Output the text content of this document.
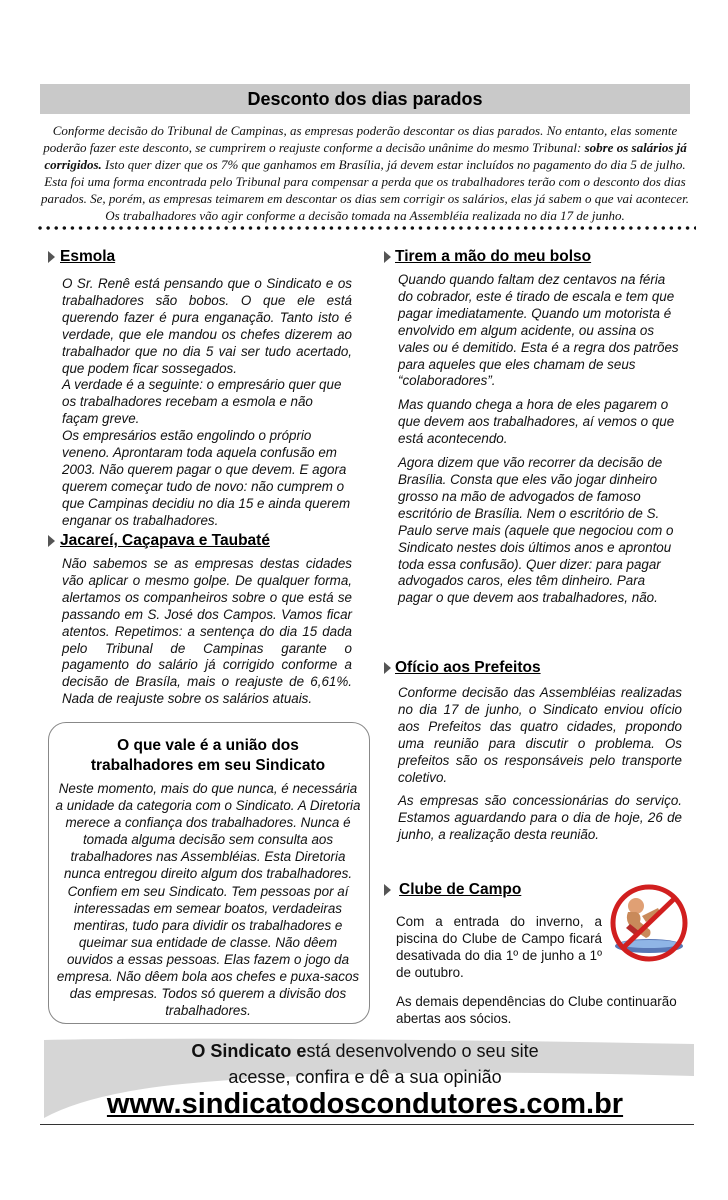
Desconto dos dias parados
Conforme decisão do Tribunal de Campinas, as empresas poderão descontar os dias parados. No entanto, elas somente poderão fazer este desconto, se cumprirem o reajuste conforme a decisão unânime do mesmo Tribunal: sobre os salários já corrigidos. Isto quer dizer que os 7% que ganhamos em Brasília, já devem estar incluídos no pagamento do dia 5 de julho. Esta foi uma forma encontrada pelo Tribunal para compensar a perda que os trabalhadores terão com o desconto dos dias parados. Se, porém, as empresas teimarem em descontar os dias sem corrigir os salários, elas já sabem o que vai acontecer. Os trabalhadores vão agir conforme a decisão tomada na Assembléia realizada no dia 17 de junho.
Esmola

O Sr. Renê está pensando que o Sindicato e os trabalhadores são bobos. O que ele está querendo fazer é pura enganação. Tanto isto é verdade, que ele mandou os chefes dizerem ao trabalhador que no dia 5 vai ser tudo acertado, que podem ficar sossegados.

A verdade é a seguinte: o empresário quer que os trabalhadores recebam a esmola e não façam greve.

Os empresários estão engolindo o próprio veneno. Aprontaram toda aquela confusão em 2003. Não querem pagar o que devem. E agora querem começar tudo de novo: não cumprem o que Campinas decidiu no dia 15 e ainda querem enganar os trabalhadores.

Jacareí, Caçapava e Taubaté
Não sabemos se as empresas destas cidades vão aplicar o mesmo golpe. De qualquer forma, alertamos os companheiros sobre o que está se passando em S. José dos Campos. Vamos ficar atentos. Repetimos: a sentença do dia 15 dada pelo Tribunal de Campinas garante o pagamento do salário já corrigido conforme a decisão de Brasíla, mais o reajuste de 6,61%. Nada de reajuste sobre os salários atuais.
O que vale é a união dos
trabalhadores em seu Sindicato
Neste momento, mais do que nunca, é necessária a unidade da categoria com o Sindicato. A Diretoria merece a confiança dos trabalhadores. Nunca é tomada alguma decisão sem consulta aos trabalhadores nas Assembléias. Esta Diretoria nunca entregou direito algum dos trabalhadores. Confiem em seu Sindicato. Tem pessoas por aí interessadas em semear boatos, verdadeiras mentiras, tudo para dividir os trabalhadores e queimar sua entidade de classe. Não dêem ouvidos a essas pessoas. Elas fazem o jogo da empresa. Não dêem bola aos chefes e puxa-sacos das empresas. Todos só querem a divisão dos trabalhadores.
Tirem a mão do meu bolso

Quando quando faltam dez centavos na féria do cobrador, este é tirado de escala e tem que pagar imediatamente. Quando um motorista é envolvido em algum acidente, ou assina os vales ou é demitido. Esta é a regra dos patrões para aqueles que eles chamam de seus “colaboradores”.

Mas quando chega a hora de eles pagarem o que devem aos trabalhadores, aí vemos o que está acontecendo.

Agora dizem que vão recorrer da decisão de Brasília. Consta que eles vão jogar dinheiro grosso na mão de advogados de famoso escritório de Brasília. Nem o escritório de S. Paulo serve mais (aquele que negociou com o Sindicato nestes dois últimos anos e aprontou toda essa confusão). Quer dizer: para pagar advogados caros, eles têm dinheiro. Para pagar o que devem aos trabalhadores, não.

Ofício aos Prefeitos

Conforme decisão das Assembléias realizadas no dia 17 de junho, o Sindicato enviou ofício aos Prefeitos das quatro cidades, propondo uma reunião para discutir o problema. Os prefeitos são os responsáveis pelo transporte coletivo.

As empresas são concessionárias do serviço. Estamos aguardando para o dia de hoje, 26 de junho, a realização desta reunião.

Clube de Campo

Com a entrada do inverno, a piscina do Clube de Campo ficará desativada do dia 1º de junho a 1º de outubro.

As demais dependências do Clube continuarão abertas aos sócios.

O Sindicato está desenvolvendo o seu site
acesse, confira e dê a sua opinião
www.sindicatodoscondutores.com.br
